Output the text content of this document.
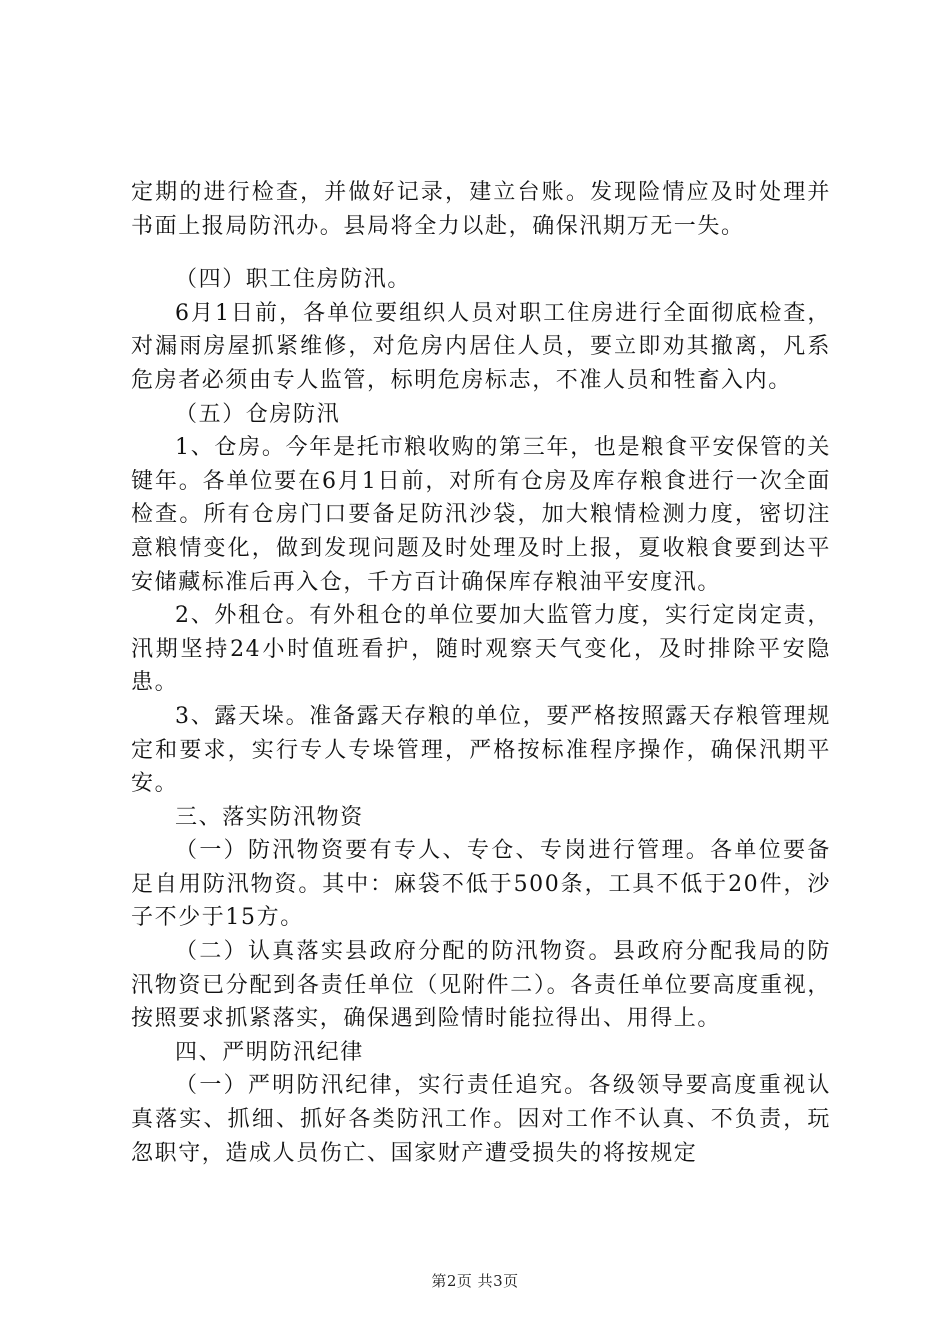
定期的进行检查，并做好记录，建立台账。发现险情应及时处理并书面上报局防汛办。县局将全力以赴，确保汛期万无一失。

（四）职工住房防汛。

6月1日前，各单位要组织人员对职工住房进行全面彻底检查，对漏雨房屋抓紧维修，对危房内居住人员，要立即劝其撤离，凡系危房者必须由专人监管，标明危房标志，不准人员和牲畜入内。

（五）仓房防汛

1、仓房。今年是托市粮收购的第三年，也是粮食平安保管的关键年。各单位要在6月1日前，对所有仓房及库存粮食进行一次全面检查。所有仓房门口要备足防汛沙袋，加大粮情检测力度，密切注意粮情变化，做到发现问题及时处理及时上报，夏收粮食要到达平安储藏标准后再入仓，千方百计确保库存粮油平安度汛。

2、外租仓。有外租仓的单位要加大监管力度，实行定岗定责，汛期坚持24小时值班看护，随时观察天气变化，及时排除平安隐患。

3、露天垛。准备露天存粮的单位，要严格按照露天存粮管理规定和要求，实行专人专垛管理，严格按标准程序操作，确保汛期平安。

三、落实防汛物资

（一）防汛物资要有专人、专仓、专岗进行管理。各单位要备足自用防汛物资。其中：麻袋不低于500条，工具不低于20件，沙子不少于15方。

（二）认真落实县政府分配的防汛物资。县政府分配我局的防汛物资已分配到各责任单位（见附件二）。各责任单位要高度重视，按照要求抓紧落实，确保遇到险情时能拉得出、用得上。

四、严明防汛纪律

（一）严明防汛纪律，实行责任追究。各级领导要高度重视认真落实、抓细、抓好各类防汛工作。因对工作不认真、不负责，玩忽职守，造成人员伤亡、国家财产遭受损失的将按规定

第2页 共3页
